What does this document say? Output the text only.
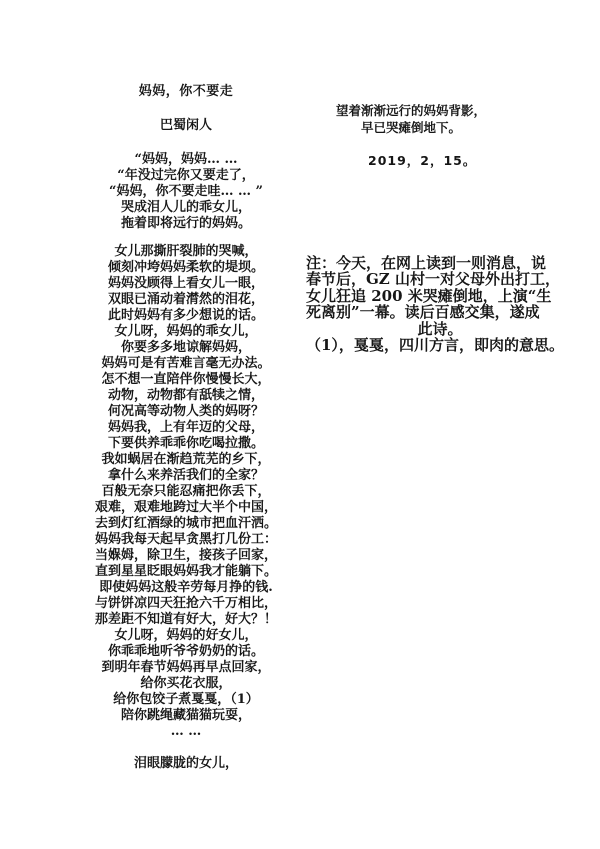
妈妈，你不要走
巴蜀闲人
“妈妈，妈妈… …
“年没过完你又要走了，
“妈妈，你不要走哇… … ”
哭成泪人儿的乖女儿，
拖着即将远行的妈妈。
女儿那撕肝裂肺的哭喊，
倾刻冲垮妈妈柔软的堤坝。
妈妈没顾得上看女儿一眼，
双眼已涌动着潸然的泪花，
此时妈妈有多少想说的话。
女儿呀，妈妈的乖女儿，
你要多多地谅解妈妈，
妈妈可是有苦难言毫无办法。
怎不想一直陪伴你慢慢长大，
动物，动物都有舐犊之情，
何况高等动物人类的妈呀？
妈妈我，上有年迈的父母，
下要供养乖乖你吃喝拉撒。
我如蜗居在渐趋荒芜的乡下，
拿什么来养活我们的全家？
百般无奈只能忍痛把你丢下，
艰难，艰难地跨过大半个中国，
去到灯红酒绿的城市把血汗洒。
妈妈我每天起早贪黑打几份工：
当媬姆，除卫生，接孩子回家，
直到星星眨眼妈妈我才能躺下。
即使妈妈这般辛劳每月挣的钱.
与饼饼凉四天狂抢六千万相比，
那差距不知道有好大，好大？！
女儿呀，妈妈的好女儿，
你乖乖地听爷爷奶奶的话。
到明年春节妈妈再早点回家，
给你买花衣服，
给你包饺子煮戛戛，（1）
陪你跳绳藏猫猫玩耍，
… …
泪眼朦胧的女儿，
望着渐渐远行的妈妈背影，
早已哭瘫倒地下。
2019，2，15。
注：今天，在网上读到一则消息，说
春节后，GZ 山村一对父母外出打工，
女儿狂追 200 米哭瘫倒地，上演“生
死离别”一幕。读后百感交集，遂成
此诗。
（1），戛戛，四川方言，即肉的意思。
